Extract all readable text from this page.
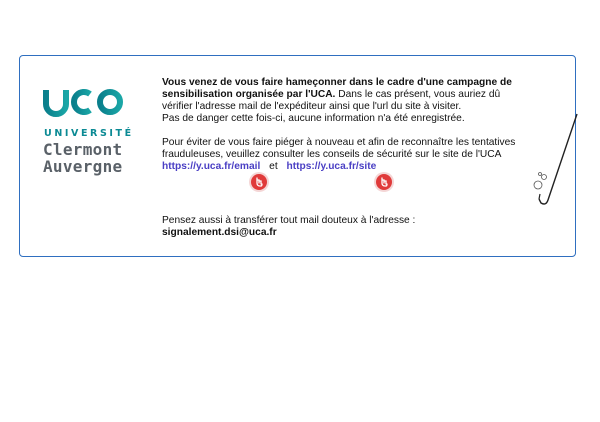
UNIVERSITÉ
Clermont
Auvergne

Vous venez de vous faire hameçonner dans le cadre d'une campagne de sensibilisation organisée par l'UCA. Dans le cas présent, vous auriez dû vérifier l'adresse mail de l'expéditeur ainsi que l'url du site à visiter.

Pas de danger cette fois-ci, aucune information n'a été enregistrée.

Pour éviter de vous faire piéger à nouveau et afin de reconnaître les tentatives frauduleuses, veuillez consulter les conseils de sécurité sur le site de l'UCA https://y.uca.fr/email et https://y.uca.fr/site

Pensez aussi à transférer tout mail douteux à l'adresse :
signalement.dsi@uca.fr
